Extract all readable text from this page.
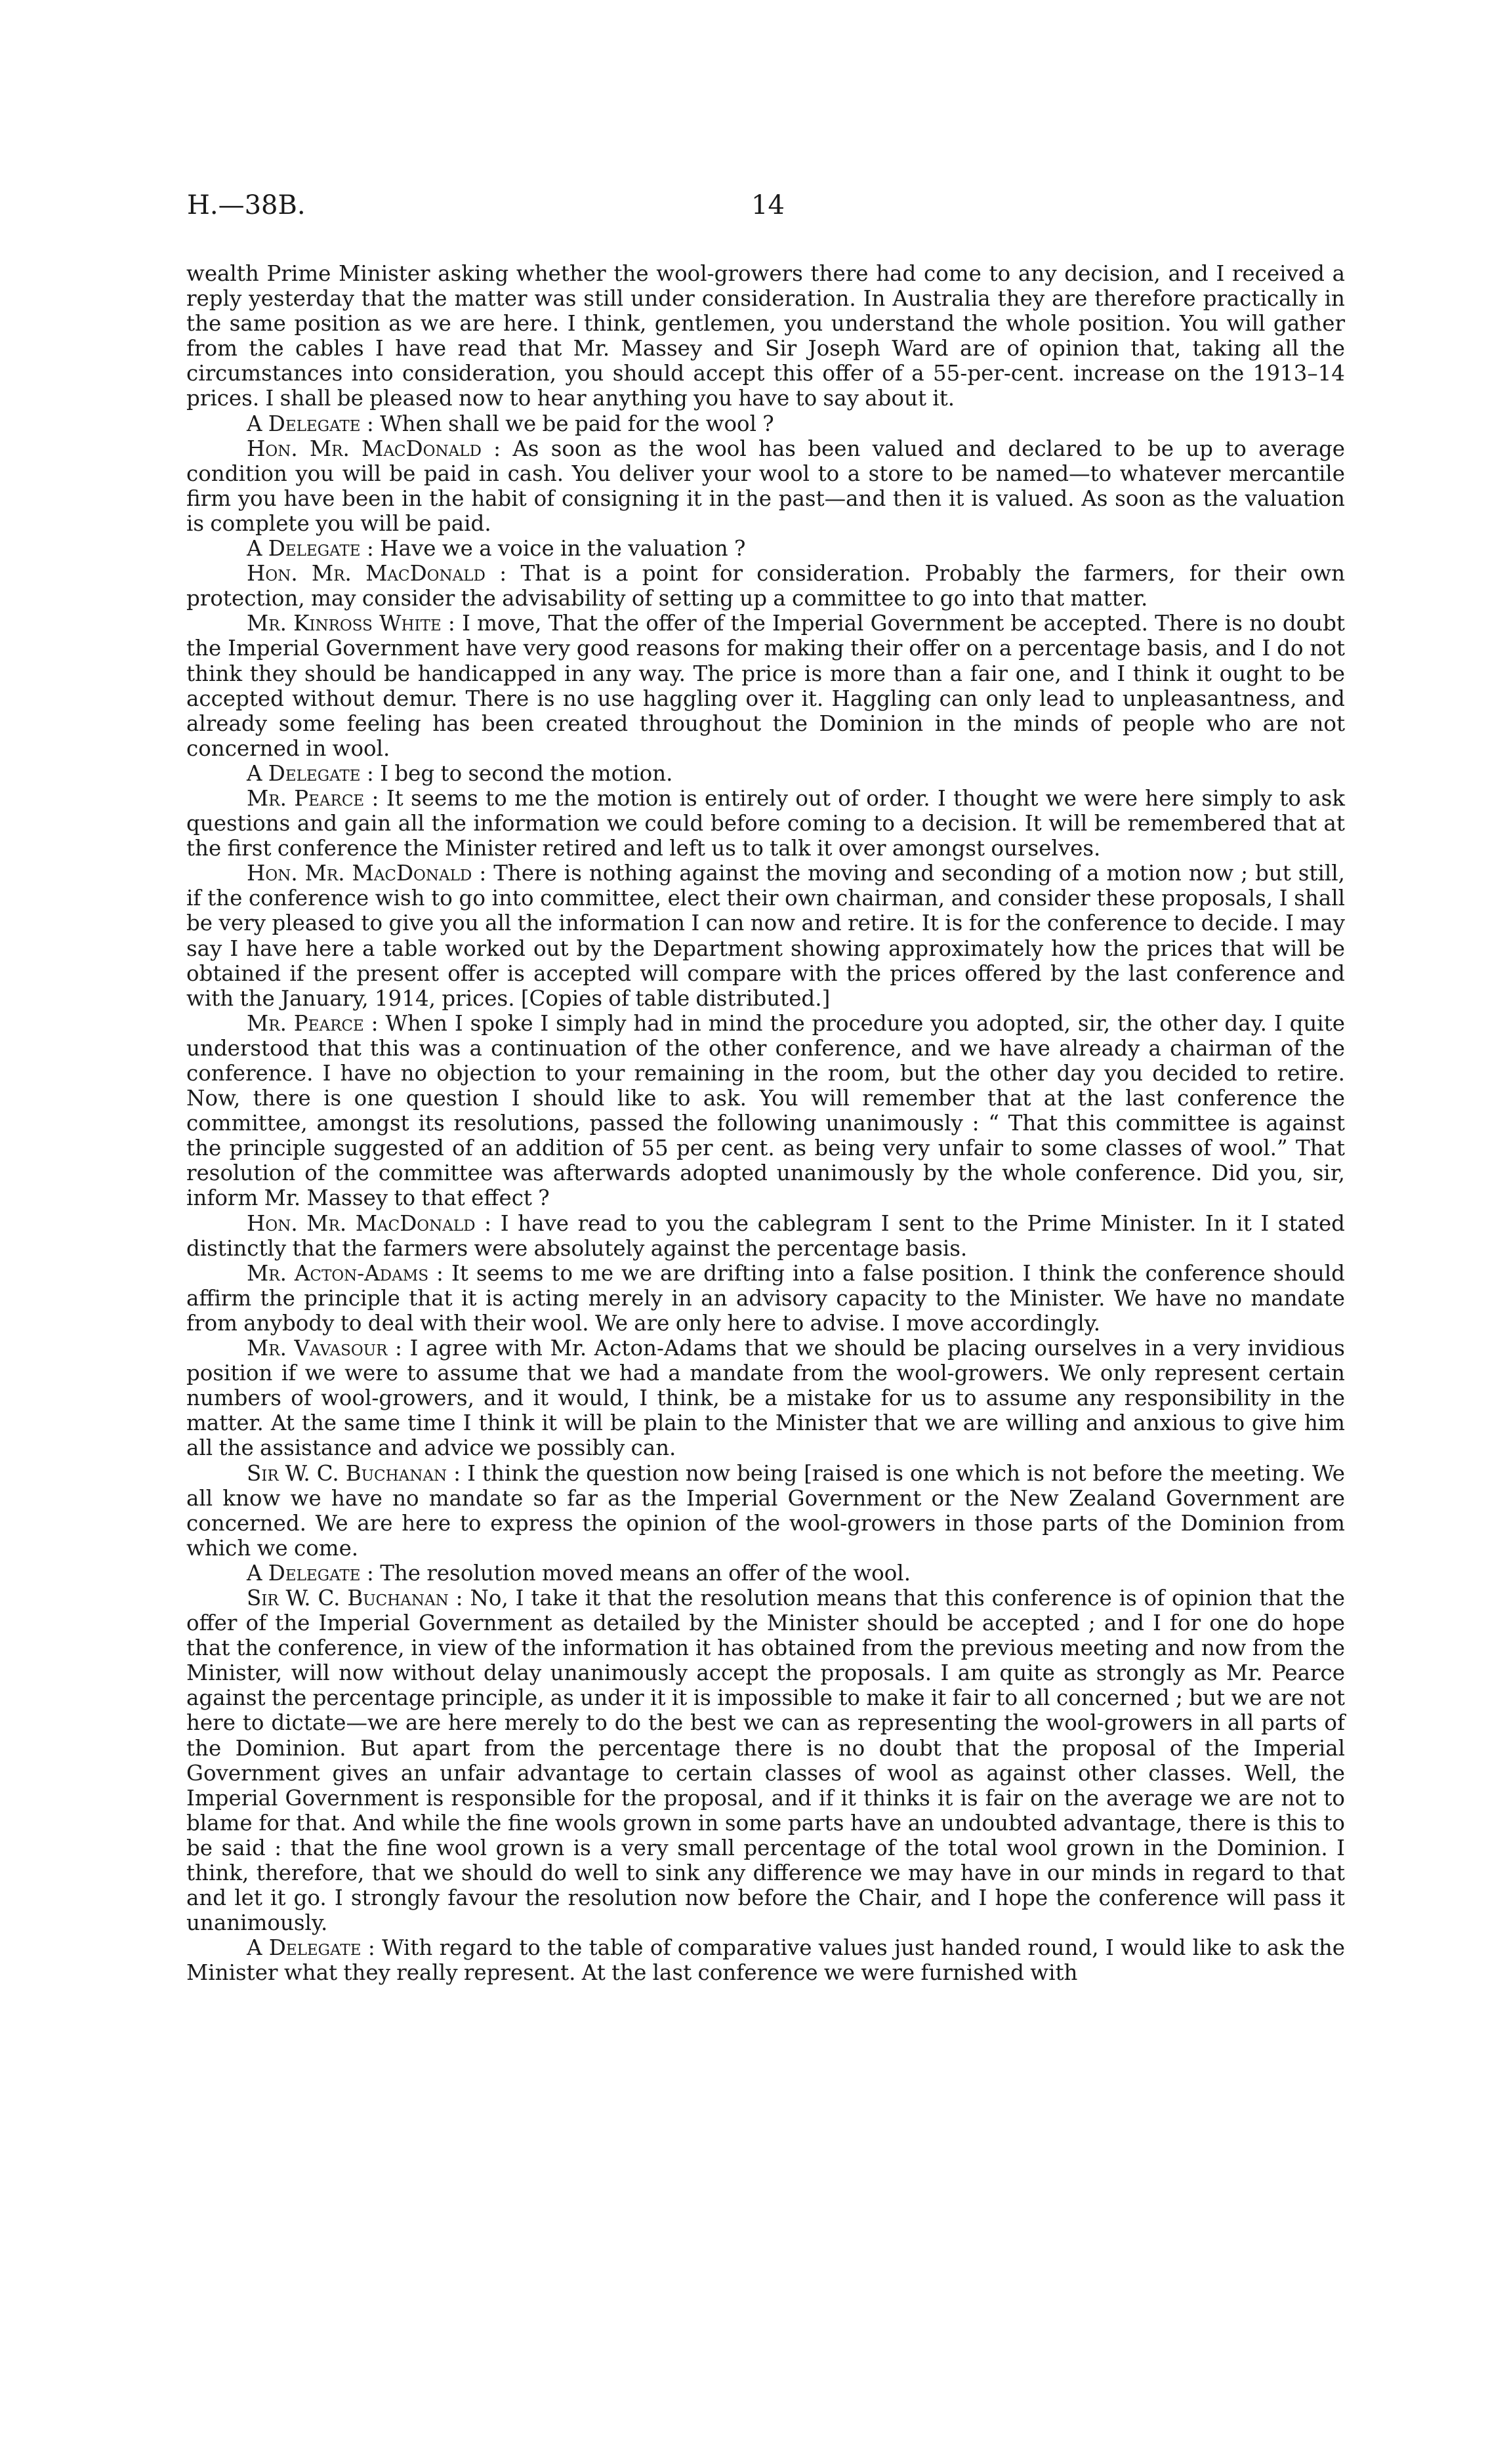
H.—38B.	14

wealth Prime Minister asking whether the wool-growers there had come to any decision, and I received a reply yesterday that the matter was still under consideration. In Australia they are therefore practically in the same position as we are here. I think, gentlemen, you understand the whole position. You will gather from the cables I have read that Mr. Massey and Sir Joseph Ward are of opinion that, taking all the circumstances into consideration, you should accept this offer of a 55-per-cent. increase on the 1913–14 prices. I shall be pleased now to hear anything you have to say about it.

A Delegate : When shall we be paid for the wool ?

Hon. Mr. MacDonald : As soon as the wool has been valued and declared to be up to average condition you will be paid in cash. You deliver your wool to a store to be named—to whatever mercantile firm you have been in the habit of consigning it in the past—and then it is valued. As soon as the valuation is complete you will be paid.

A Delegate : Have we a voice in the valuation ?

Hon. Mr. MacDonald : That is a point for consideration. Probably the farmers, for their own protection, may consider the advisability of setting up a committee to go into that matter.

Mr. Kinross White : I move, That the offer of the Imperial Government be accepted. There is no doubt the Imperial Government have very good reasons for making their offer on a percentage basis, and I do not think they should be handicapped in any way. The price is more than a fair one, and I think it ought to be accepted without demur. There is no use haggling over it. Haggling can only lead to unpleasantness, and already some feeling has been created throughout the Dominion in the minds of people who are not concerned in wool.

A Delegate : I beg to second the motion.

Mr. Pearce : It seems to me the motion is entirely out of order. I thought we were here simply to ask questions and gain all the information we could before coming to a decision. It will be remembered that at the first conference the Minister retired and left us to talk it over amongst ourselves.

Hon. Mr. MacDonald : There is nothing against the moving and seconding of a motion now ; but still, if the conference wish to go into committee, elect their own chairman, and consider these proposals, I shall be very pleased to give you all the information I can now and retire. It is for the conference to decide. I may say I have here a table worked out by the Department showing approximately how the prices that will be obtained if the present offer is accepted will compare with the prices offered by the last conference and with the January, 1914, prices. [Copies of table distributed.]

Mr. Pearce : When I spoke I simply had in mind the procedure you adopted, sir, the other day. I quite understood that this was a continuation of the other conference, and we have already a chairman of the conference. I have no objection to your remaining in the room, but the other day you decided to retire. Now, there is one question I should like to ask. You will remember that at the last conference the committee, amongst its resolutions, passed the following unanimously : “ That this committee is against the principle suggested of an addition of 55 per cent. as being very unfair to some classes of wool.” That resolution of the committee was afterwards adopted unanimously by the whole conference. Did you, sir, inform Mr. Massey to that effect ?

Hon. Mr. MacDonald : I have read to you the cablegram I sent to the Prime Minister. In it I stated distinctly that the farmers were absolutely against the percentage basis.

Mr. Acton-Adams : It seems to me we are drifting into a false position. I think the conference should affirm the principle that it is acting merely in an advisory capacity to the Minister. We have no mandate from anybody to deal with their wool. We are only here to advise. I move accordingly.

Mr. Vavasour : I agree with Mr. Acton-Adams that we should be placing ourselves in a very invidious position if we were to assume that we had a mandate from the wool-growers. We only represent certain numbers of wool-growers, and it would, I think, be a mistake for us to assume any responsibility in the matter. At the same time I think it will be plain to the Minister that we are willing and anxious to give him all the assistance and advice we possibly can.

Sir W. C. Buchanan : I think the question now being [raised is one which is not before the meeting. We all know we have no mandate so far as the Imperial Government or the New Zealand Government are concerned. We are here to express the opinion of the wool-growers in those parts of the Dominion from which we come.

A Delegate : The resolution moved means an offer of the wool.

Sir W. C. Buchanan : No, I take it that the resolution means that this conference is of opinion that the offer of the Imperial Government as detailed by the Minister should be accepted ; and I for one do hope that the conference, in view of the information it has obtained from the previous meeting and now from the Minister, will now without delay unanimously accept the proposals. I am quite as strongly as Mr. Pearce against the percentage principle, as under it it is impossible to make it fair to all concerned ; but we are not here to dictate—we are here merely to do the best we can as representing the wool-growers in all parts of the Dominion. But apart from the percentage there is no doubt that the proposal of the Imperial Government gives an unfair advantage to certain classes of wool as against other classes. Well, the Imperial Government is responsible for the proposal, and if it thinks it is fair on the average we are not to blame for that. And while the fine wools grown in some parts have an undoubted advantage, there is this to be said : that the fine wool grown is a very small percentage of the total wool grown in the Dominion. I think, therefore, that we should do well to sink any difference we may have in our minds in regard to that and let it go. I strongly favour the resolution now before the Chair, and I hope the conference will pass it unanimously.

A Delegate : With regard to the table of comparative values just handed round, I would like to ask the Minister what they really represent. At the last conference we were furnished with
